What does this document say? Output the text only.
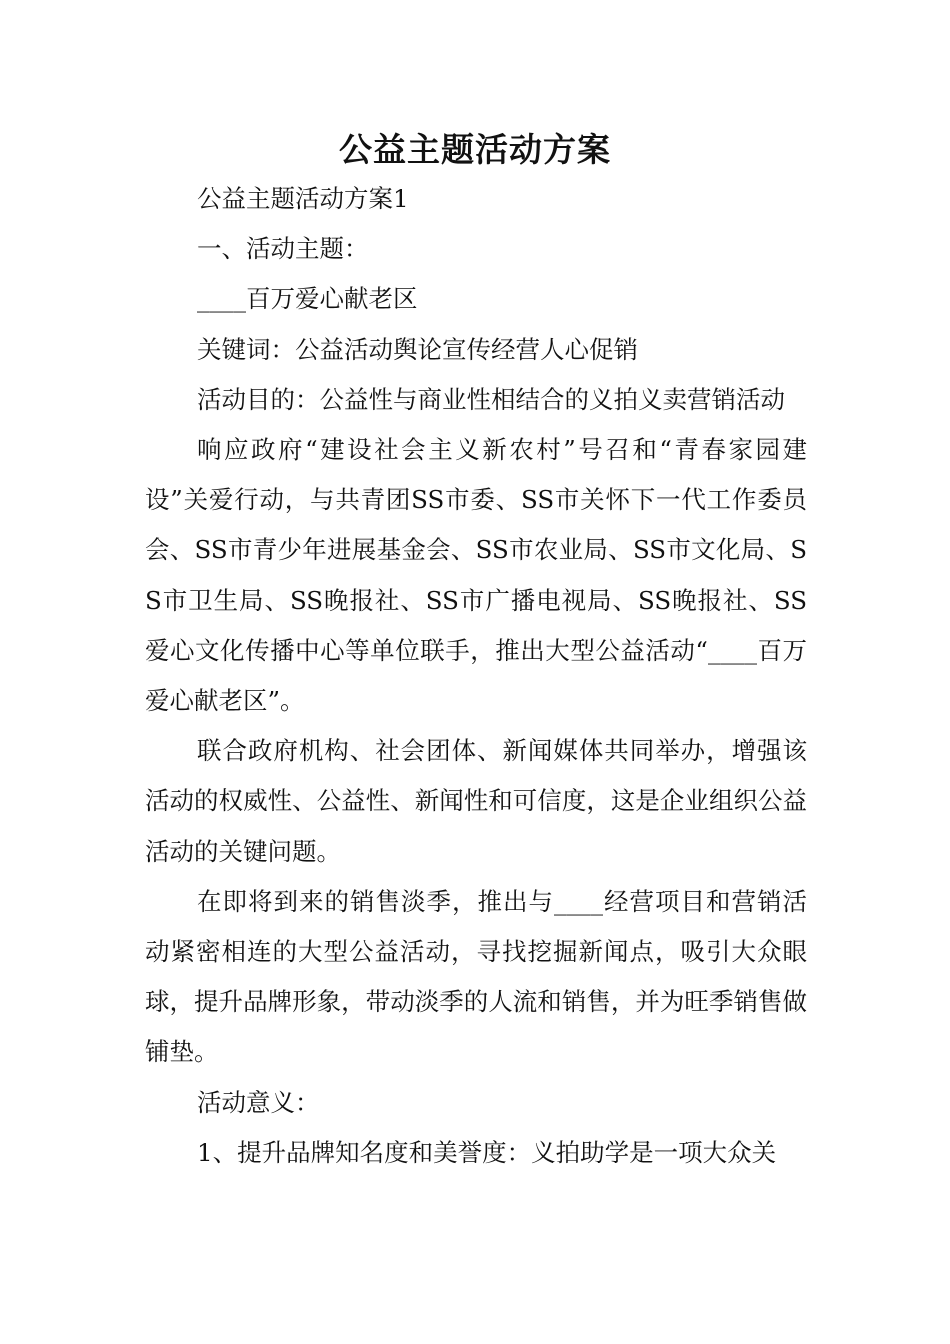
公益主题活动方案

公益主题活动方案1

一、活动主题：

____百万爱心献老区

关键词：公益活动舆论宣传经营人心促销

活动目的：公益性与商业性相结合的义拍义卖营销活动

响应政府“建设社会主义新农村”号召和“青春家园建设”关爱行动，与共青团SS市委、SS市关怀下一代工作委员会、SS市青少年进展基金会、SS市农业局、SS市文化局、SS市卫生局、SS晚报社、SS市广播电视局、SS晚报社、SS爱心文化传播中心等单位联手，推出大型公益活动“____百万爱心献老区”。

联合政府机构、社会团体、新闻媒体共同举办，增强该活动的权威性、公益性、新闻性和可信度，这是企业组织公益活动的关键问题。

在即将到来的销售淡季，推出与____经营项目和营销活动紧密相连的大型公益活动，寻找挖掘新闻点，吸引大众眼球，提升品牌形象，带动淡季的人流和销售，并为旺季销售做铺垫。

活动意义：

1、提升品牌知名度和美誉度：义拍助学是一项大众关
